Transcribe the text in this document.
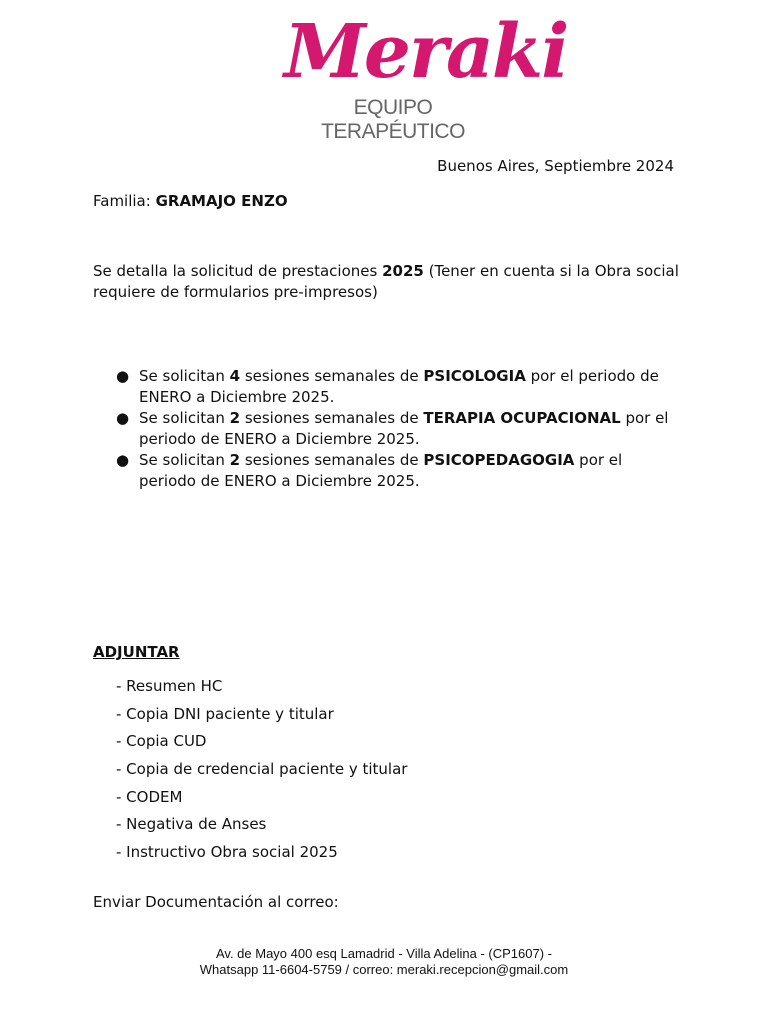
Meraki
EQUIPO TERAPÉUTICO
Buenos Aires, Septiembre 2024
Familia: GRAMAJO ENZO
Se detalla la solicitud de prestaciones 2025 (Tener en cuenta si la Obra social requiere de formularios pre-impresos)
● Se solicitan 4 sesiones semanales de PSICOLOGIA por el periodo de ENERO a Diciembre 2025.
● Se solicitan 2 sesiones semanales de TERAPIA OCUPACIONAL por el periodo de ENERO a Diciembre 2025.
● Se solicitan 2 sesiones semanales de PSICOPEDAGOGIA por el periodo de ENERO a Diciembre 2025.
ADJUNTAR
- Resumen HC
- Copia DNI paciente y titular
- Copia CUD
- Copia de credencial paciente y titular
- CODEM
- Negativa de Anses
- Instructivo Obra social 2025
Enviar Documentación al correo:
Av. de Mayo 400 esq Lamadrid - Villa Adelina - (CP1607) -
Whatsapp 11-6604-5759 / correo: meraki.recepcion@gmail.com
